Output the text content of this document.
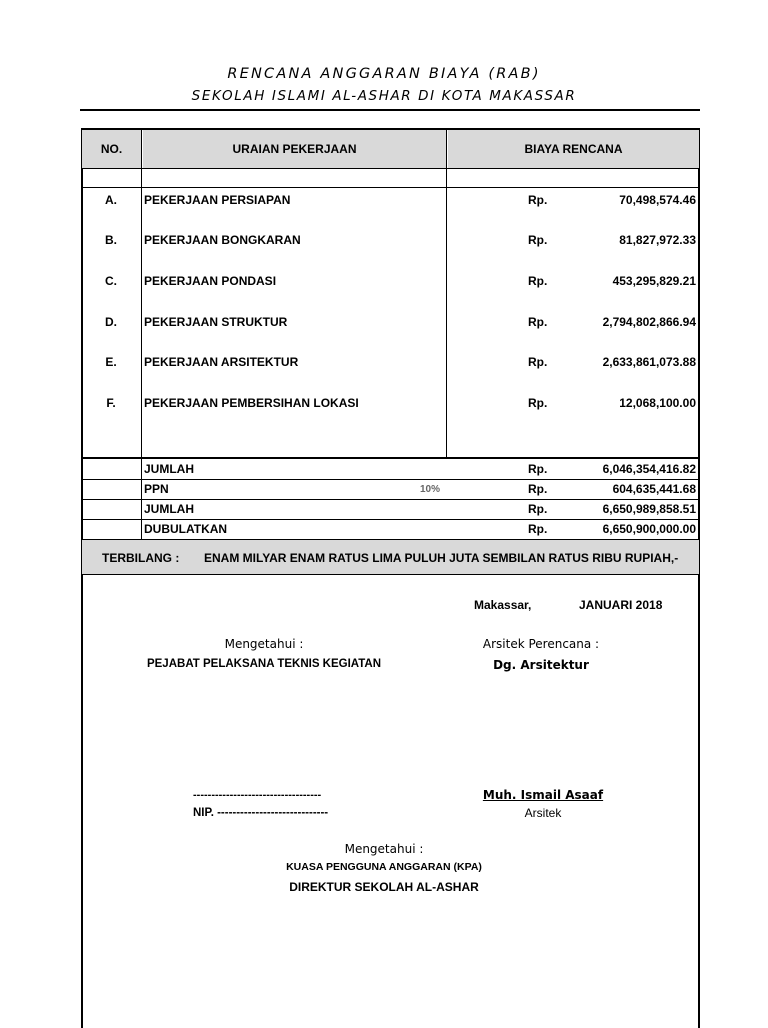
RENCANA ANGGARAN BIAYA (RAB)
SEKOLAH ISLAMI AL-ASHAR DI KOTA MAKASSAR
NO.	URAIAN PEKERJAAN	BIAYA RENCANA
A.	PEKERJAAN PERSIAPAN	Rp.	70,498,574.46
B.	PEKERJAAN BONGKARAN	Rp.	81,827,972.33
C.	PEKERJAAN PONDASI	Rp.	453,295,829.21
D.	PEKERJAAN STRUKTUR	Rp.	2,794,802,866.94
E.	PEKERJAAN ARSITEKTUR	Rp.	2,633,861,073.88
F.	PEKERJAAN PEMBERSIHAN LOKASI	Rp.	12,068,100.00
JUMLAH	Rp.	6,046,354,416.82
PPN	10%	Rp.	604,635,441.68
JUMLAH	Rp.	6,650,989,858.51
DUBULATKAN	Rp.	6,650,900,000.00
TERBILANG : ENAM MILYAR ENAM RATUS LIMA PULUH JUTA SEMBILAN RATUS RIBU RUPIAH,-
Makassar,	JANUARI 2018
Mengetahui :
PEJABAT PELAKSANA TEKNIS KEGIATAN
Arsitek Perencana :
Dg. Arsitektur
-----------------------------------
NIP. -----------------------------
Muh. Ismail Asaaf
Arsitek
Mengetahui :
KUASA PENGGUNA ANGGARAN (KPA)
DIREKTUR SEKOLAH AL-ASHAR
